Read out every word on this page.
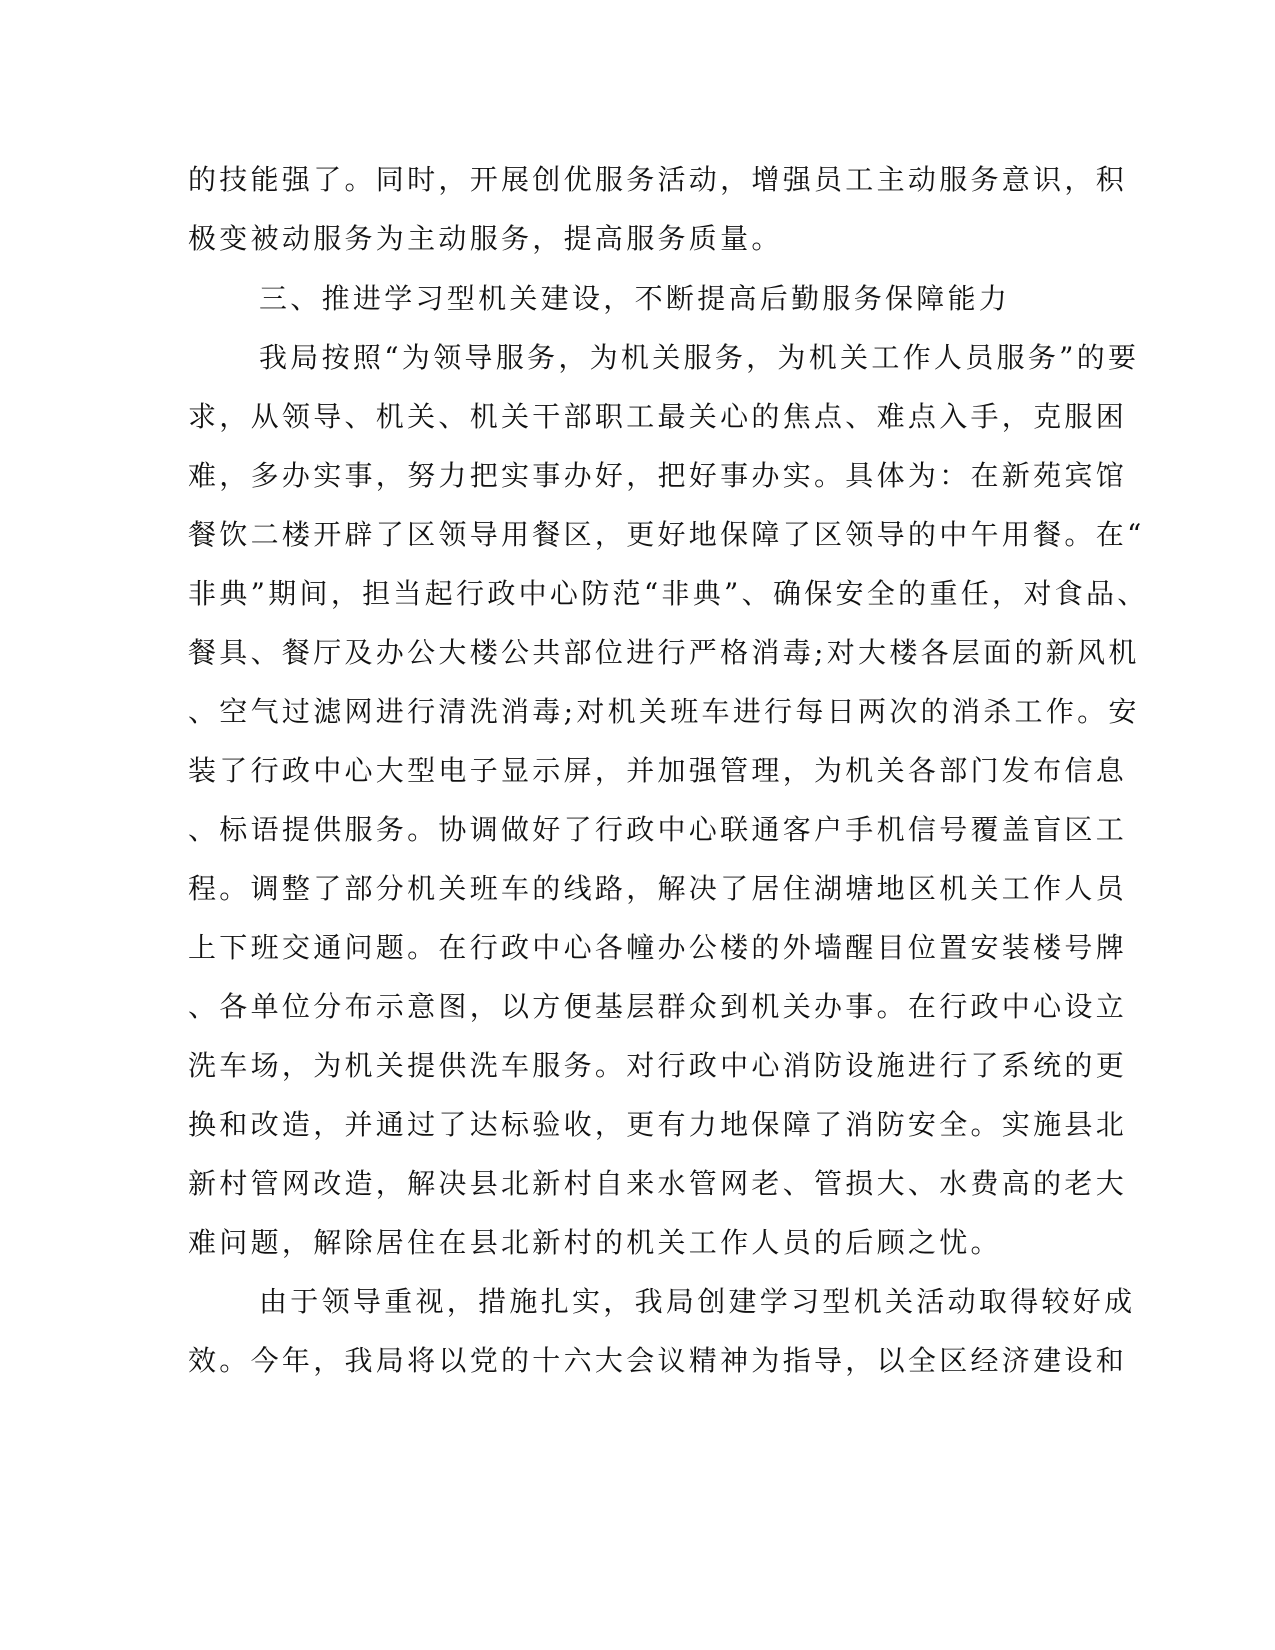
的技能强了。同时，开展创优服务活动，增强员工主动服务意识，积
极变被动服务为主动服务，提高服务质量。
三、推进学习型机关建设，不断提高后勤服务保障能力
我局按照“为领导服务，为机关服务，为机关工作人员服务”的要
求，从领导、机关、机关干部职工最关心的焦点、难点入手，克服困
难，多办实事，努力把实事办好，把好事办实。具体为：在新苑宾馆
餐饮二楼开辟了区领导用餐区，更好地保障了区领导的中午用餐。在“
非典”期间，担当起行政中心防范“非典”、确保安全的重任，对食品、
餐具、餐厅及办公大楼公共部位进行严格消毒;对大楼各层面的新风机
、空气过滤网进行清洗消毒;对机关班车进行每日两次的消杀工作。安
装了行政中心大型电子显示屏，并加强管理，为机关各部门发布信息
、标语提供服务。协调做好了行政中心联通客户手机信号覆盖盲区工
程。调整了部分机关班车的线路，解决了居住湖塘地区机关工作人员
上下班交通问题。在行政中心各幢办公楼的外墙醒目位置安装楼号牌
、各单位分布示意图，以方便基层群众到机关办事。在行政中心设立
洗车场，为机关提供洗车服务。对行政中心消防设施进行了系统的更
换和改造，并通过了达标验收，更有力地保障了消防安全。实施县北
新村管网改造，解决县北新村自来水管网老、管损大、水费高的老大
难问题，解除居住在县北新村的机关工作人员的后顾之忧。
由于领导重视，措施扎实，我局创建学习型机关活动取得较好成
效。今年，我局将以党的十六大会议精神为指导，以全区经济建设和
